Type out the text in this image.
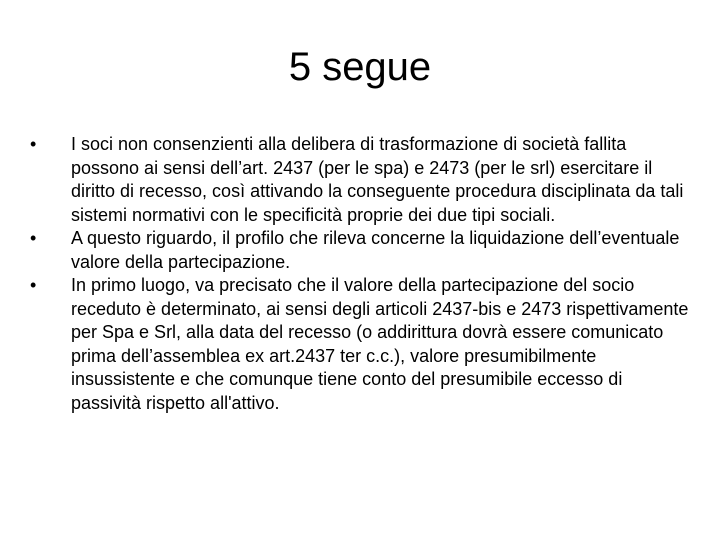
5 segue
• I soci non consenzienti alla delibera di trasformazione di società fallita possono ai sensi dell’art. 2437 (per le spa) e 2473 (per le srl) esercitare il diritto di recesso, così attivando la conseguente procedura disciplinata da tali sistemi normativi con le specificità proprie dei due tipi sociali.
• A questo riguardo, il profilo che rileva concerne la liquidazione dell’eventuale valore della partecipazione.
• In primo luogo, va precisato che il valore della partecipazione del socio receduto è determinato, ai sensi degli articoli 2437-bis e 2473 rispettivamente per Spa e Srl, alla data del recesso (o addirittura dovrà essere comunicato prima dell’assemblea ex art.2437 ter c.c.), valore presumibilmente insussistente e che comunque tiene conto del presumibile eccesso di passività rispetto all'attivo.
